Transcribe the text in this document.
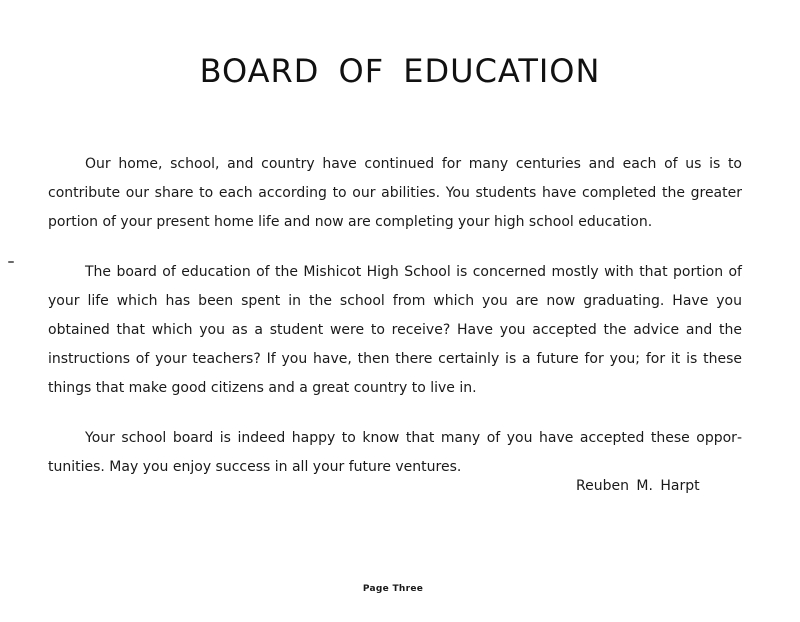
BOARD OF EDUCATION

Our home, school, and country have continued for many centuries and each of us is to contribute our share to each according to our abilities. You students have completed the greater portion of your present home life and now are completing your high school education.

The board of education of the Mishicot High School is concerned mostly with that portion of your life which has been spent in the school from which you are now graduating. Have you obtained that which you as a student were to receive? Have you accepted the advice and the instructions of your teachers? If you have, then there certainly is a future for you; for it is these things that make good citizens and a great country to live in.

Your school board is indeed happy to know that many of you have accepted these opportunities. May you enjoy success in all your future ventures.

Reuben M. Harpt

Page Three
